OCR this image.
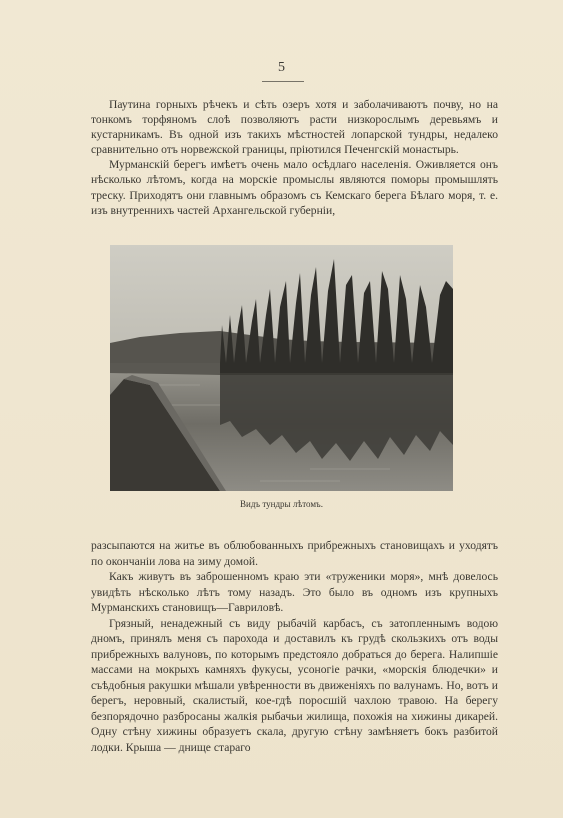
5

Паутина горныхъ рѣчекъ и сѣть озеръ хотя и заболачиваютъ почву, но на тонкомъ торфяномъ слоѣ позволяютъ расти низкорослымъ деревьямъ и кустарникамъ. Въ одной изъ такихъ мѣстностей лопарской тундры, недалеко сравнительно отъ норвежской границы, пріютился Печенгскій монастырь.

Мурманскій берегъ имѣетъ очень мало осѣдлаго населенія. Оживляется онъ нѣсколько лѣтомъ, когда на морскіе промыслы являются поморы промышлять треску. Приходятъ они главнымъ образомъ съ Кемскаго берега Бѣлаго моря, т. е. изъ внутреннихъ частей Архангельской губерніи,

Видъ тундры лѣтомъ.

разсыпаются на житье въ облюбованныхъ прибрежныхъ становищахъ и уходятъ по окончаніи лова на зиму домой.

Какъ живутъ въ заброшенномъ краю эти «труженики моря», мнѣ довелось увидѣть нѣсколько лѣтъ тому назадъ. Это было въ одномъ изъ крупныхъ Мурманскихъ становищъ—Гавриловѣ.

Грязный, ненадежный съ виду рыбачій карбасъ, съ затопленнымъ водою дномъ, принялъ меня съ парохода и доставилъ къ грудѣ скользкихъ отъ воды прибрежныхъ валуновъ, по которымъ предстояло добраться до берега. Налипшіе массами на мокрыхъ камняхъ фукусы, усоногіе рачки, «морскія блюдечки» и съѣдобныя ракушки мѣшали увѣренности въ движеніяхъ по валунамъ. Но, вотъ и берегъ, неровный, скалистый, кое-гдѣ поросшій чахлою травою. На берегу безпорядочно разбросаны жалкія рыбачьи жилища, похожія на хижины дикарей. Одну стѣну хижины образуетъ скала, другую стѣну замѣняетъ бокъ разбитой лодки. Крыша — днище стараго
